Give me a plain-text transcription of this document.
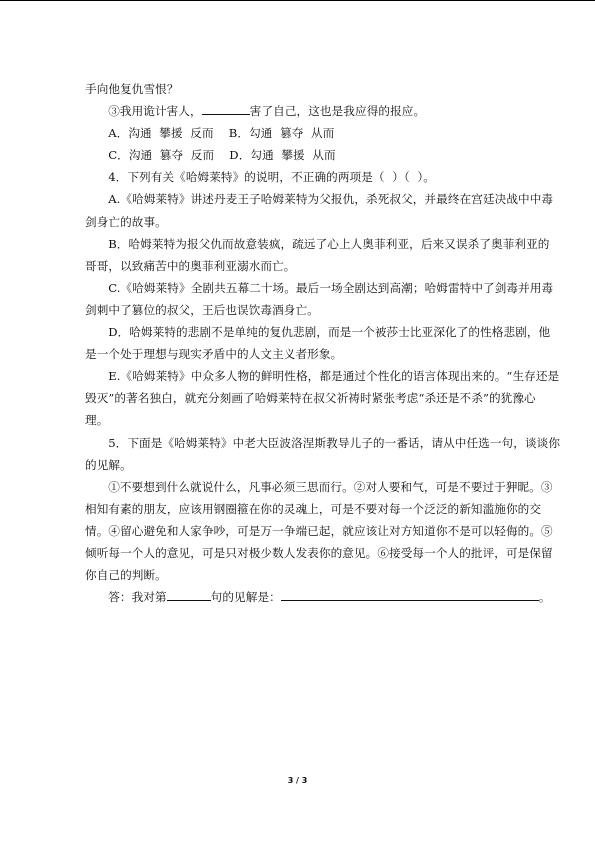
手向他复仇雪恨？
③我用诡计害人，	害了自己，这也是我应得的报应。
A．沟通  攀援  反而    B．勾通  篡夺  从而
C．沟通  篡夺  反而    D．勾通  攀援  从而
4．下列有关《哈姆莱特》的说明，不正确的两项是（  ）（  ）。
A.《哈姆莱特》讲述丹麦王子哈姆莱特为父报仇，杀死叔父，并最终在宫廷决战中中毒
剑身亡的故事。
B．哈姆莱特为报父仇而故意装疯，疏远了心上人奥菲利亚，后来又误杀了奥菲利亚的
哥哥，以致痛苦中的奥菲利亚溺水而亡。
C.《哈姆莱特》全剧共五幕二十场。最后一场全剧达到高潮；哈姆雷特中了剑毒并用毒
剑刺中了篡位的叔父，王后也误饮毒酒身亡。
D．哈姆莱特的悲剧不是单纯的复仇悲剧，而是一个被莎士比亚深化了的性格悲剧，他
是一个处于理想与现实矛盾中的人文主义者形象。
E.《哈姆莱特》中众多人物的鲜明性格，都是通过个性化的语言体现出来的。“生存还是
毁灭”的著名独白，就充分刻画了哈姆莱特在叔父祈祷时紧张考虑“杀还是不杀”的犹豫心
理。
5．下面是《哈姆莱特》中老大臣波洛涅斯教导儿子的一番话，请从中任选一句，谈谈你
的见解。
①不要想到什么就说什么，凡事必须三思而行。②对人要和气，可是不要过于狎昵。③
相知有素的朋友，应该用钢圈箍在你的灵魂上，可是不要对每一个泛泛的新知滥施你的交
情。④留心避免和人家争吵，可是万一争端已起，就应该让对方知道你不是可以轻侮的。⑤
倾听每一个人的意见，可是只对极少数人发表你的意见。⑥接受每一个人的批评，可是保留
你自己的判断。
答：我对第	句的见解是：	。
3 / 3
